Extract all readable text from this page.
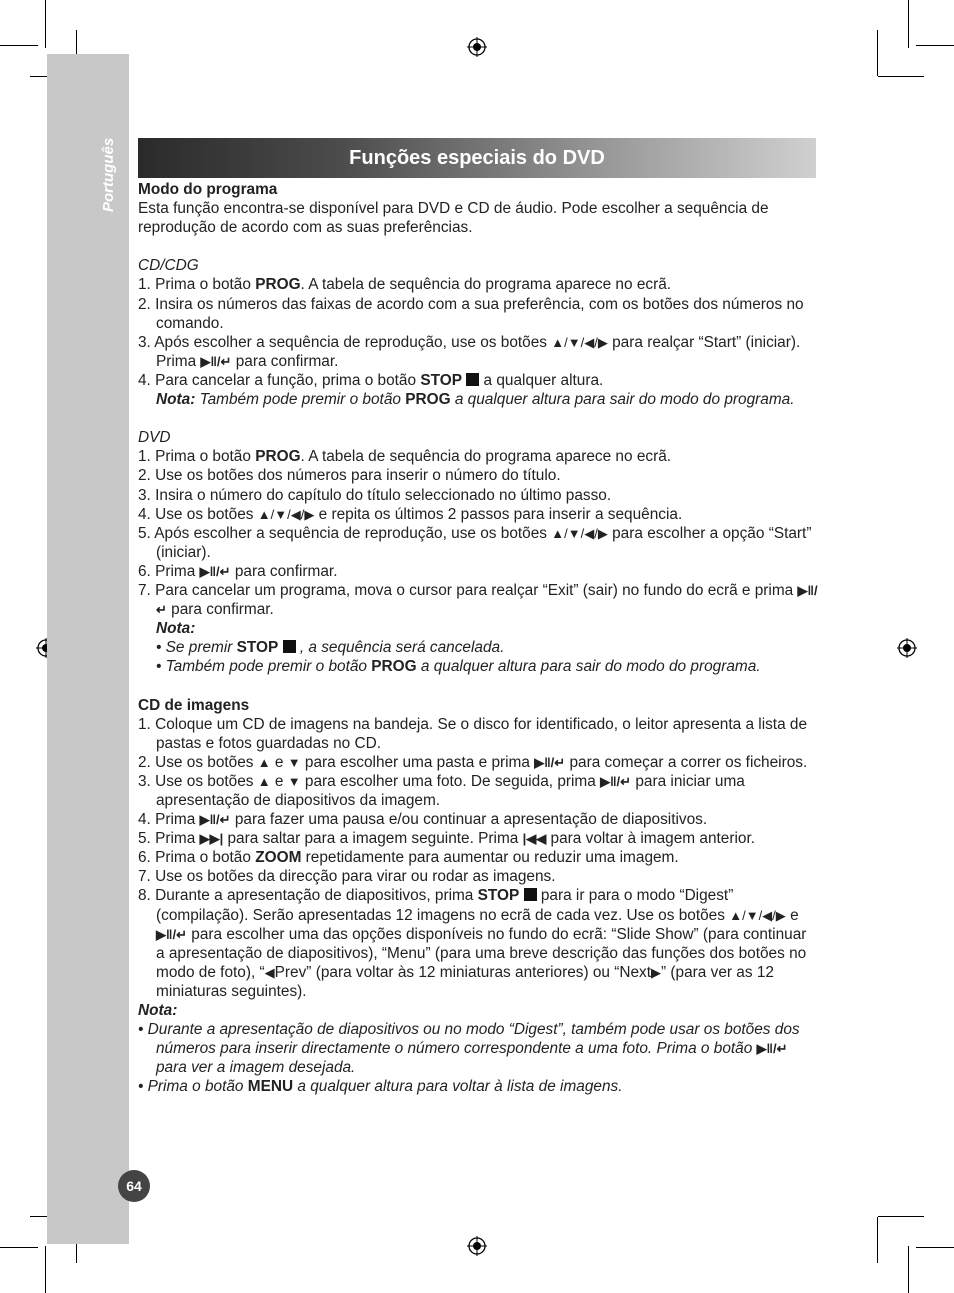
Funções especiais do DVD

Modo do programa

Esta função encontra-se disponível para DVD e CD de áudio. Pode escolher a sequência de reprodução de acordo com as suas preferências.

CD/CDG

1. Prima o botão PROG. A tabela de sequência do programa aparece no ecrã.

2. Insira os números das faixas de acordo com a sua preferência, com os botões dos números no comando.

3. Após escolher a sequência de reprodução, use os botões ▲/▼/◀/▶ para realçar “Start” (iniciar). Prima ▶‖/↵ para confirmar.

4. Para cancelar a função, prima o botão STOP  a qualquer altura.

Nota: Também pode premir o botão PROG a qualquer altura para sair do modo do programa.

DVD

1. Prima o botão PROG. A tabela de sequência do programa aparece no ecrã.

2. Use os botões dos números para inserir o número do título.

3. Insira o número do capítulo do título seleccionado no último passo.

4. Use os botões ▲/▼/◀/▶ e repita os últimos 2 passos para inserir a sequência.

5. Após escolher a sequência de reprodução, use os botões ▲/▼/◀/▶ para escolher a opção “Start” (iniciar).

6. Prima ▶‖/↵ para confirmar.

7. Para cancelar um programa, mova o cursor para realçar “Exit” (sair) no fundo do ecrã e prima ▶‖/↵ para confirmar.

Nota:

• Se premir STOP  , a sequência será cancelada.

• Também pode premir o botão PROG a qualquer altura para sair do modo do programa.

CD de imagens

1. Coloque um CD de imagens na bandeja. Se o disco for identificado, o leitor apresenta a lista de pastas e fotos guardadas no CD.

2. Use os botões ▲ e ▼ para escolher uma pasta e prima ▶‖/↵ para começar a correr os ficheiros.

3. Use os botões ▲ e ▼ para escolher uma foto. De seguida, prima ▶‖/↵ para iniciar uma apresentação de diapositivos da imagem.

4. Prima ▶‖/↵ para fazer uma pausa e/ou continuar a apresentação de diapositivos.

5. Prima ▶▶| para saltar para a imagem seguinte. Prima |◀◀ para voltar à imagem anterior.

6. Prima o botão ZOOM repetidamente para aumentar ou reduzir uma imagem.

7. Use os botões da direcção para virar ou rodar as imagens.

8. Durante a apresentação de diapositivos, prima STOP  para ir para o modo “Digest” (compilação). Serão apresentadas 12 imagens no ecrã de cada vez. Use os botões ▲/▼/◀/▶ e ▶‖/↵ para escolher uma das opções disponíveis no fundo do ecrã: “Slide Show” (para continuar a apresentação de diapositivos), “Menu” (para uma breve descrição das funções dos botões no modo de foto), “◀Prev” (para voltar às 12 miniaturas anteriores) ou “Next▶” (para ver as 12 miniaturas seguintes).

Nota:

• Durante a apresentação de diapositivos ou no modo “Digest”, também pode usar os botões dos números para inserir directamente o número correspondente a uma foto. Prima o botão ▶‖/↵ para ver a imagem desejada.

• Prima o botão MENU a qualquer altura para voltar à lista de imagens.

64
